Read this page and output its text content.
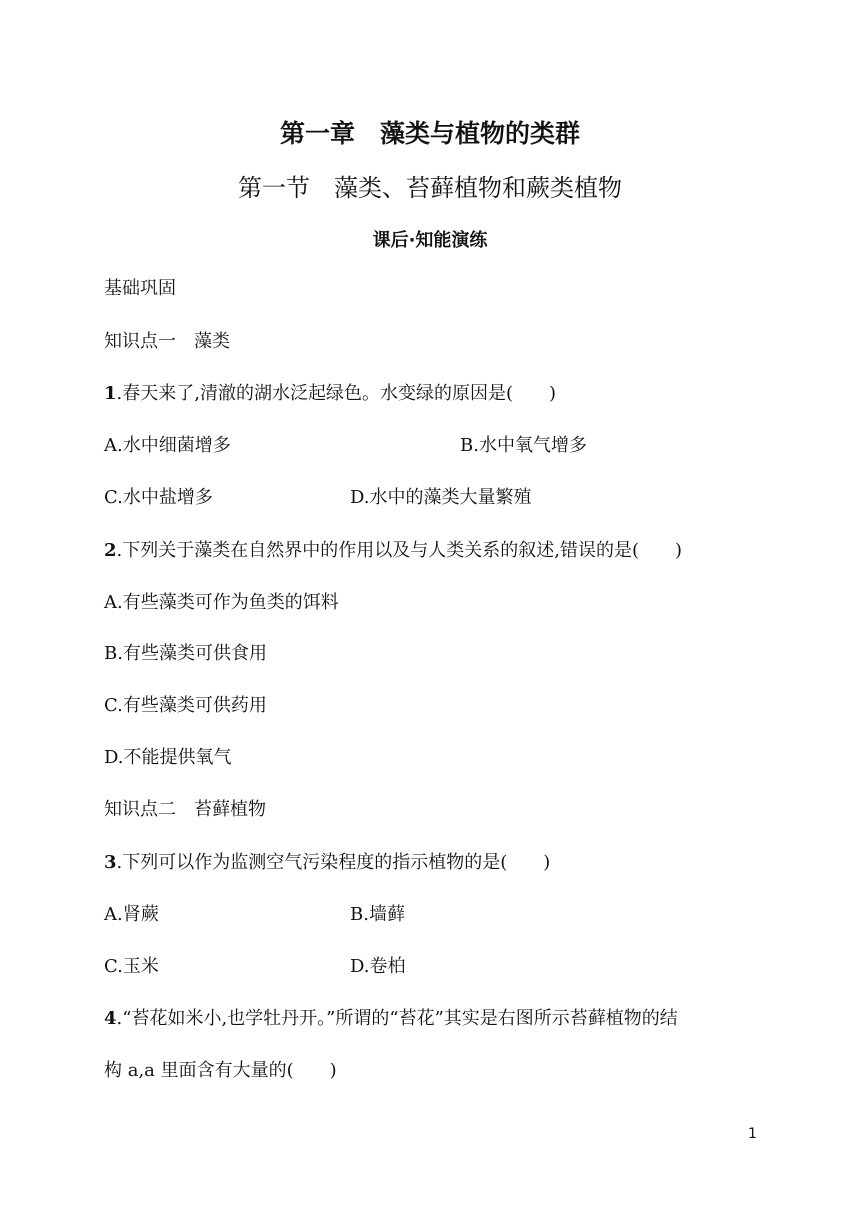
第一章　藻类与植物的类群
第一节　藻类、苔藓植物和蕨类植物
课后·知能演练
基础巩固
知识点一　藻类
1.春天来了,清澈的湖水泛起绿色。水变绿的原因是(　　)
A.水中细菌增多	B.水中氧气增多
C.水中盐增多	D.水中的藻类大量繁殖
2.下列关于藻类在自然界中的作用以及与人类关系的叙述,错误的是(　　)
A.有些藻类可作为鱼类的饵料
B.有些藻类可供食用
C.有些藻类可供药用
D.不能提供氧气
知识点二　苔藓植物
3.下列可以作为监测空气污染程度的指示植物的是(　　)
A.肾蕨	B.墙藓
C.玉米	D.卷柏
4.“苔花如米小,也学牡丹开。”所谓的“苔花”其实是右图所示苔藓植物的结
构 a,a 里面含有大量的(　　)
1
